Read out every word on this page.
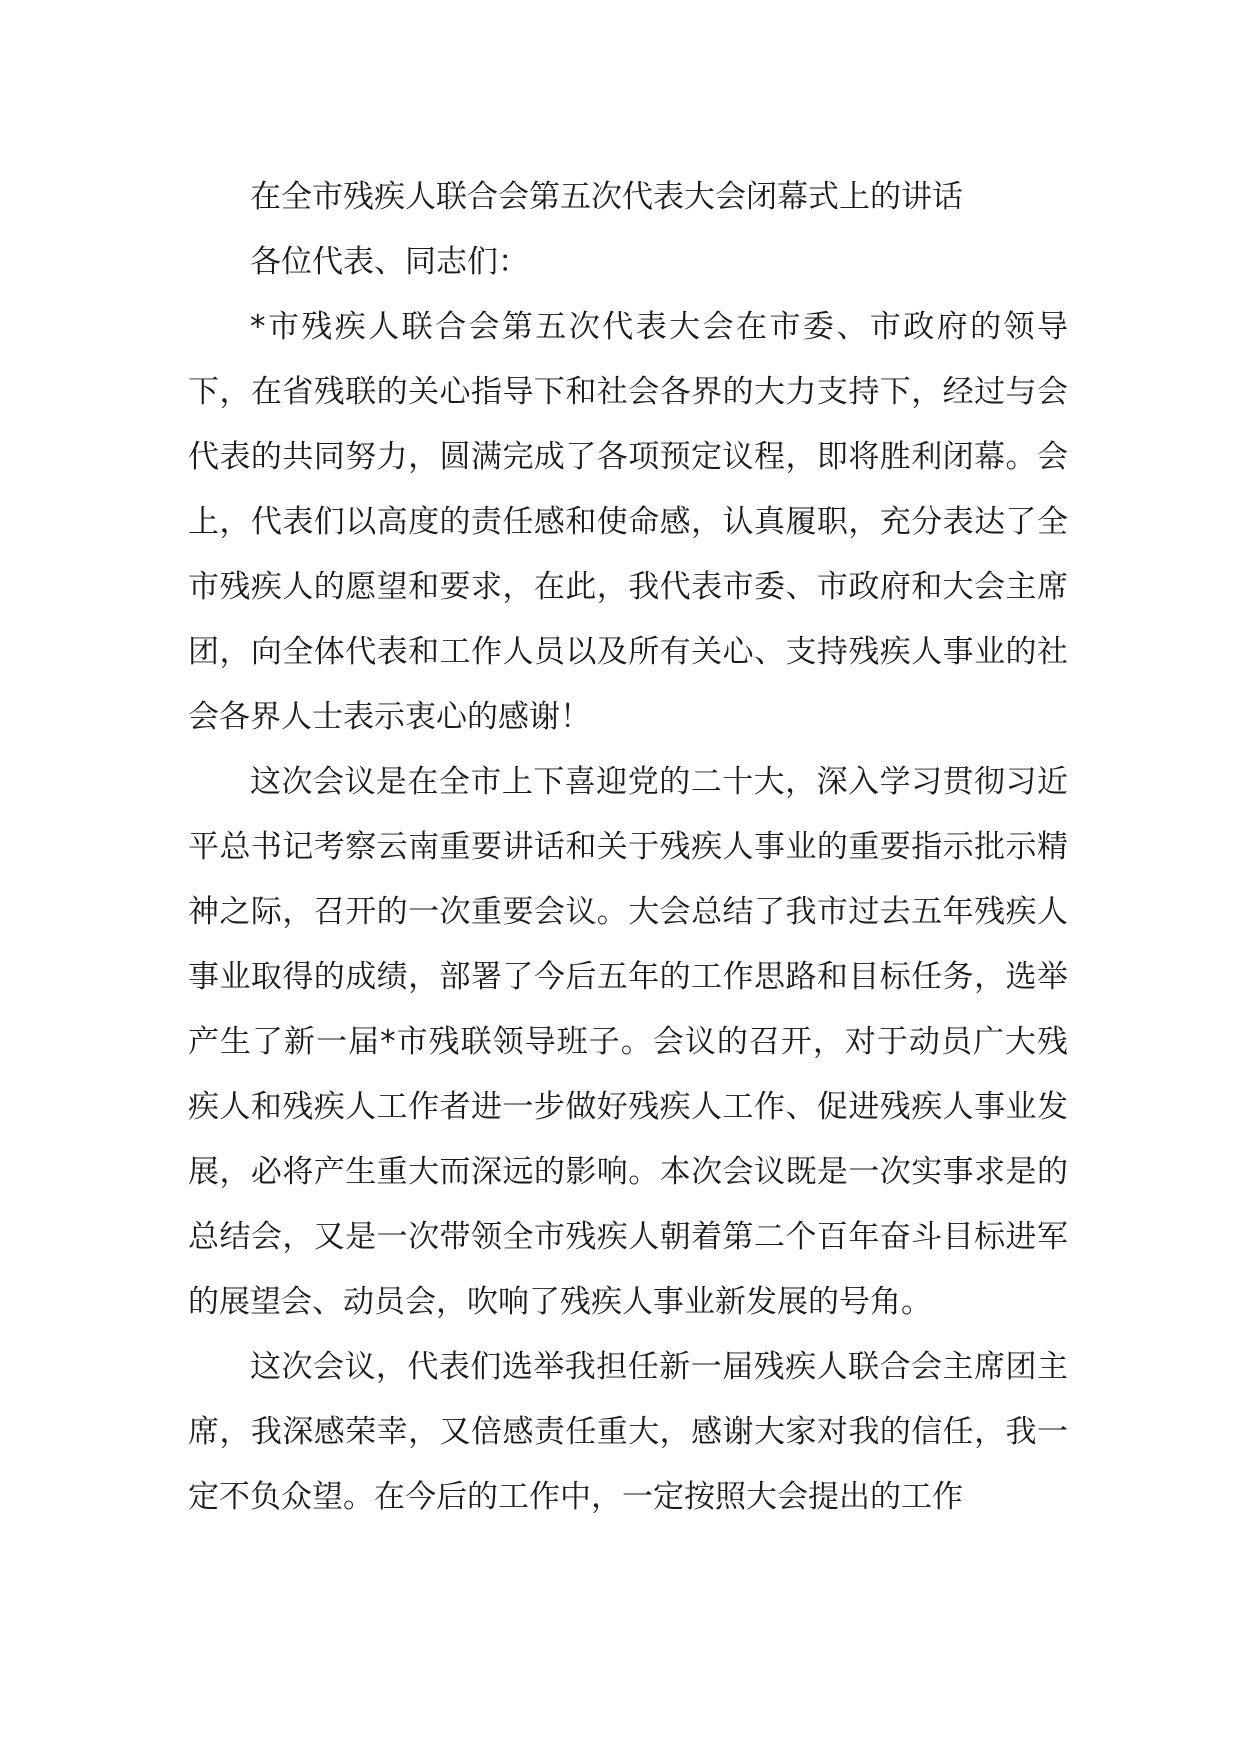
在全市残疾人联合会第五次代表大会闭幕式上的讲话

各位代表、同志们：

*市残疾人联合会第五次代表大会在市委、市政府的领导下，在省残联的关心指导下和社会各界的大力支持下，经过与会代表的共同努力，圆满完成了各项预定议程，即将胜利闭幕。会上，代表们以高度的责任感和使命感，认真履职，充分表达了全市残疾人的愿望和要求，在此，我代表市委、市政府和大会主席团，向全体代表和工作人员以及所有关心、支持残疾人事业的社会各界人士表示衷心的感谢！

这次会议是在全市上下喜迎党的二十大，深入学习贯彻习近平总书记考察云南重要讲话和关于残疾人事业的重要指示批示精神之际，召开的一次重要会议。大会总结了我市过去五年残疾人事业取得的成绩，部署了今后五年的工作思路和目标任务，选举产生了新一届*市残联领导班子。会议的召开，对于动员广大残疾人和残疾人工作者进一步做好残疾人工作、促进残疾人事业发展，必将产生重大而深远的影响。本次会议既是一次实事求是的总结会，又是一次带领全市残疾人朝着第二个百年奋斗目标进军的展望会、动员会，吹响了残疾人事业新发展的号角。

这次会议，代表们选举我担任新一届残疾人联合会主席团主席，我深感荣幸，又倍感责任重大，感谢大家对我的信任，我一定不负众望。在今后的工作中，一定按照大会提出的工作
